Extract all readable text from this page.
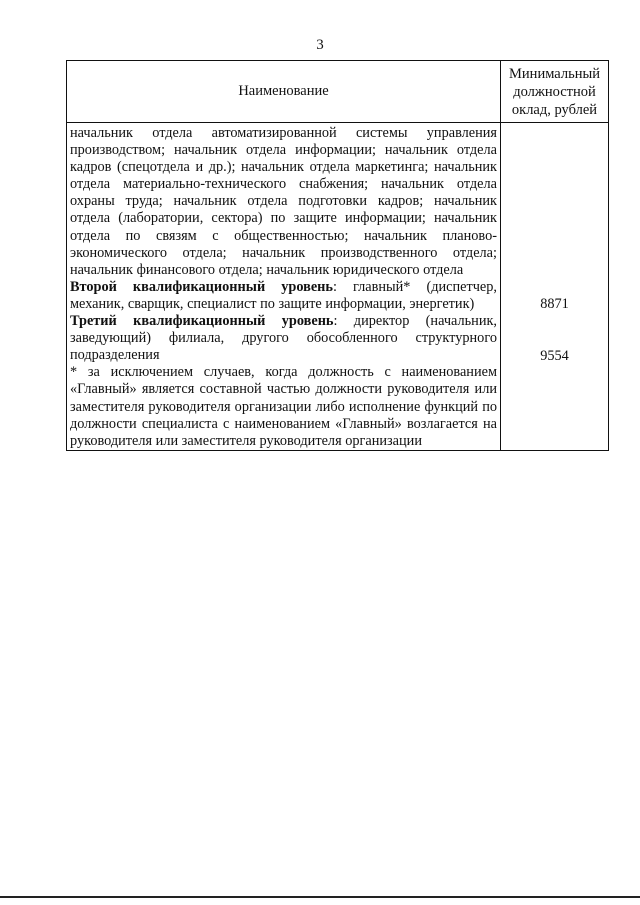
3
Наименование
Минимальный
должностной
оклад, рублей

начальник отдела автоматизированной системы управления производством; начальник отдела информации; начальник отдела кадров (спецотдела и др.); начальник отдела маркетинга; начальник отдела материально-технического снабжения; начальник отдела охраны труда; начальник отдела подготовки кадров; начальник отдела (лаборатории, сектора) по защите информации; начальник отдела по связям с общественностью; начальник планово-экономического отдела; начальник производственного отдела; начальник финансового отдела; начальник юридического отдела

Второй квалификационный уровень: главный* (диспетчер, механик, сварщик, специалист по защите информации, энергетик)

Третий квалификационный уровень: директор (начальник, заведующий) филиала, другого обособленного структурного подразделения

* за исключением случаев, когда должность с наименованием «Главный» является составной частью должности руководителя или заместителя руководителя организации либо исполнение функций по должности специалиста с наименованием «Главный» возлагается на руководителя или заместителя руководителя организации

8871
9554
